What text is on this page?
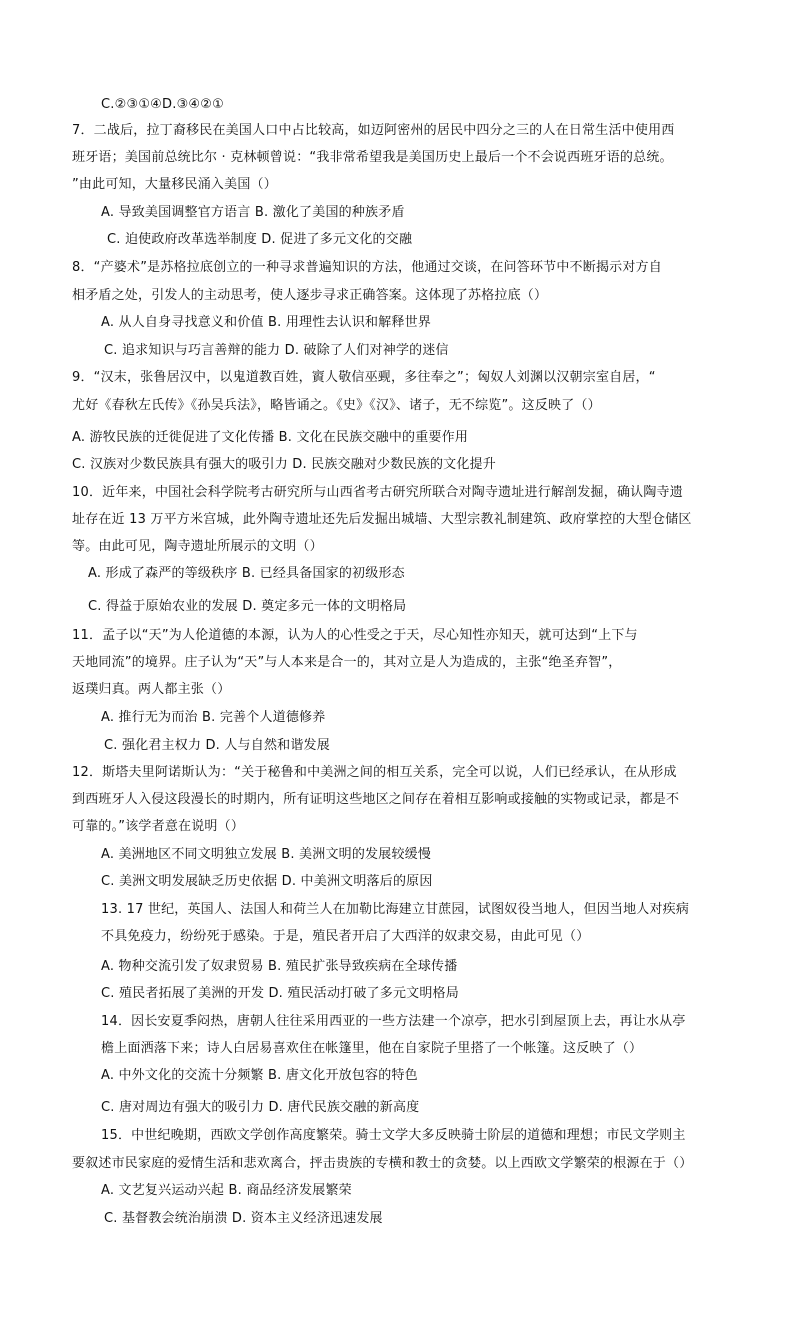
C.②③①④D.③④②①
7．二战后，拉丁裔移民在美国人口中占比较高，如迈阿密州的居民中四分之三的人在日常生活中使用西
班牙语；美国前总统比尔 · 克林顿曾说：“我非常希望我是美国历史上最后一个不会说西班牙语的总统。
”由此可知，大量移民涌入美国（）
A. 导致美国调整官方语言 B. 激化了美国的种族矛盾
C. 迫使政府改革选举制度 D. 促进了多元文化的交融
8．“产婆术”是苏格拉底创立的一种寻求普遍知识的方法，他通过交谈，在问答环节中不断揭示对方自
相矛盾之处，引发人的主动思考，使人逐步寻求正确答案。这体现了苏格拉底（）
A. 从人自身寻找意义和价值 B. 用理性去认识和解释世界
C. 追求知识与巧言善辩的能力 D. 破除了人们对神学的迷信
9．“汉末，张鲁居汉中，以鬼道教百姓，賨人敬信巫觋，多往奉之”；匈奴人刘渊以汉朝宗室自居，“
尤好《春秋左氏传》《孙吴兵法》，略皆诵之。《史》《汉》、诸子，无不综览”。这反映了（）
A. 游牧民族的迁徙促进了文化传播 B. 文化在民族交融中的重要作用
C. 汉族对少数民族具有强大的吸引力 D. 民族交融对少数民族的文化提升
10．近年来，中国社会科学院考古研究所与山西省考古研究所联合对陶寺遗址进行解剖发掘，确认陶寺遗
址存在近 13 万平方米宫城，此外陶寺遗址还先后发掘出城墙、大型宗教礼制建筑、政府掌控的大型仓储区
等。由此可见，陶寺遗址所展示的文明（）
A. 形成了森严的等级秩序 B. 已经具备国家的初级形态
C. 得益于原始农业的发展 D. 奠定多元一体的文明格局
11．孟子以“天”为人伦道德的本源，认为人的心性受之于天，尽心知性亦知天，就可达到“上下与
天地同流”的境界。庄子认为“天”与人本来是合一的，其对立是人为造成的，主张“绝圣弃智”，
返璞归真。两人都主张（）
A. 推行无为而治 B. 完善个人道德修养
C. 强化君主权力 D. 人与自然和谐发展
12．斯塔夫里阿诺斯认为：“关于秘鲁和中美洲之间的相互关系，完全可以说，人们已经承认，在从形成
到西班牙人入侵这段漫长的时期内，所有证明这些地区之间存在着相互影响或接触的实物或记录，都是不
可靠的。”该学者意在说明（）
A. 美洲地区不同文明独立发展 B. 美洲文明的发展较缓慢
C. 美洲文明发展缺乏历史依据 D. 中美洲文明落后的原因
13. 17 世纪，英国人、法国人和荷兰人在加勒比海建立甘蔗园，试图奴役当地人，但因当地人对疾病
不具免疫力，纷纷死于感染。于是，殖民者开启了大西洋的奴隶交易，由此可见（）
A. 物种交流引发了奴隶贸易 B. 殖民扩张导致疾病在全球传播
C. 殖民者拓展了美洲的开发 D. 殖民活动打破了多元文明格局
14．因长安夏季闷热，唐朝人往往采用西亚的一些方法建一个凉亭，把水引到屋顶上去，再让水从亭
檐上面洒落下来；诗人白居易喜欢住在帐篷里，他在自家院子里搭了一个帐篷。这反映了（）
A. 中外文化的交流十分频繁 B. 唐文化开放包容的特色
C. 唐对周边有强大的吸引力 D. 唐代民族交融的新高度
15．中世纪晚期，西欧文学创作高度繁荣。骑士文学大多反映骑士阶层的道德和理想；市民文学则主
要叙述市民家庭的爱情生活和悲欢离合，抨击贵族的专横和教士的贪婪。以上西欧文学繁荣的根源在于（）
A. 文艺复兴运动兴起 B. 商品经济发展繁荣
C. 基督教会统治崩溃 D. 资本主义经济迅速发展
